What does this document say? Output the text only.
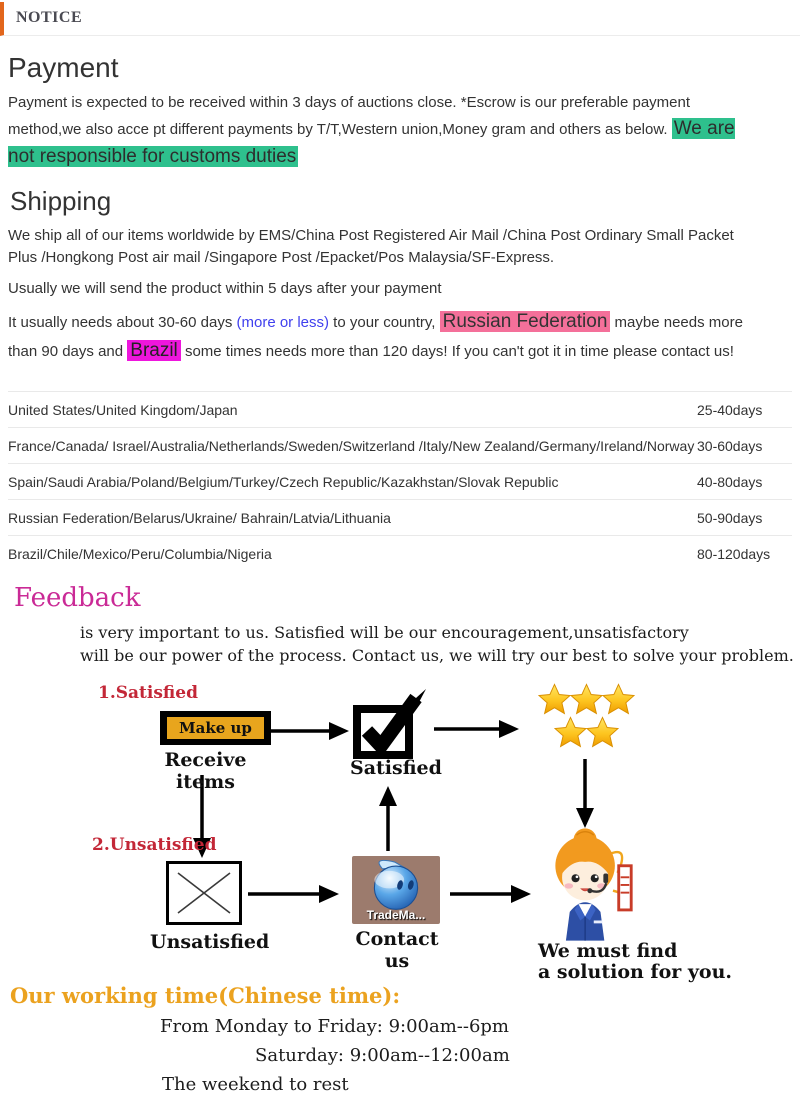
NOTICE
Payment

Payment is expected to be received within 3 days of auctions close. *Escrow is our preferable payment method,we also acce pt different payments by T/T,Western union,Money gram and others as below. We are not responsible for customs duties

Shipping

We ship all of our items worldwide by EMS/China Post Registered Air Mail /China Post Ordinary Small Packet Plus /Hongkong Post air mail /Singapore Post /Epacket/Pos Malaysia/SF-Express.

Usually we will send the product within 5 days after your payment

It usually needs about 30-60 days (more or less) to your country, Russian Federation maybe needs more than 90 days and Brazil some times needs more than 120 days! If you can't got it in time please contact us!

United States/United Kingdom/Japan	25-40days
France/Canada/ Israel/Australia/Netherlands/Sweden/Switzerland /Italy/New Zealand/Germany/Ireland/Norway 30-60days
Spain/Saudi Arabia/Poland/Belgium/Turkey/Czech Republic/Kazakhstan/Slovak Republic	40-80days
Russian Federation/Belarus/Ukraine/ Bahrain/Latvia/Lithuania	50-90days
Brazil/Chile/Mexico/Peru/Columbia/Nigeria	80-120days
Feedback
is very important to us. Satisfied will be our encouragement,unsatisfactory
will be our power of the process. Contact us, we will try our best to solve your problem.
1.Satisfied
Make up
Receive items
Satisfied
2.Unsatisfied
Unsatisfied
TradeMa...
Contact us	We must find
a solution for you.
Our working time(Chinese time):
From Monday to Friday: 9:00am--6pm
Saturday: 9:00am--12:00am
The weekend to rest
